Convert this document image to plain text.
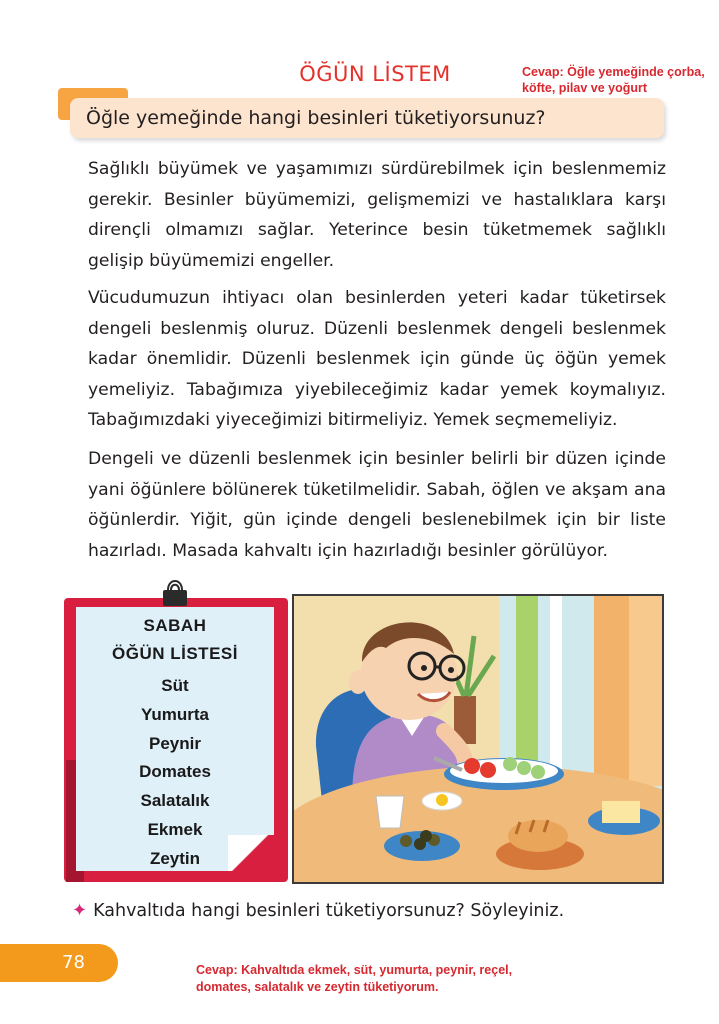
ÖĞÜN LİSTEM	Cevap: Öğle yemeğinde çorba, köfte, pilav ve yoğurt
Öğle yemeğinde hangi besinleri tüketiyorsunuz?

Sağlıklı büyümek ve yaşamımızı sürdürebilmek için beslenmemiz gerekir. Besinler büyümemizi, gelişmemizi ve hastalıklara karşı dirençli olmamızı sağlar. Yeterince besin tüketmemek sağlıklı gelişip büyümemizi engeller.

Vücudumuzun ihtiyacı olan besinlerden yeteri kadar tüketirsek dengeli beslenmiş oluruz. Düzenli beslenmek dengeli beslenmek kadar önemlidir. Düzenli beslenmek için günde üç öğün yemek yemeliyiz. Tabağımıza yiyebileceğimiz kadar yemek koymalıyız. Tabağımızdaki yiyeceğimizi bitirmeliyiz. Yemek seçmemeliyiz.

Dengeli ve düzenli beslenmek için besinler belirli bir düzen içinde yani öğünlere bölünerek tüketilmelidir. Sabah, öğlen ve akşam ana öğünlerdir. Yiğit, gün içinde dengeli beslenebilmek için bir liste hazırladı. Masada kahvaltı için hazırladığı besinler görülüyor.

SABAH
ÖĞÜN LİSTESİ
Süt
Yumurta
Peynir
Domates
Salatalık
Ekmek
Zeytin
✦ Kahvaltıda hangi besinleri tüketiyorsunuz? Söyleyiniz.
78	Cevap: Kahvaltıda ekmek, süt, yumurta, peynir, reçel, domates, salatalık ve zeytin tüketiyorum.
